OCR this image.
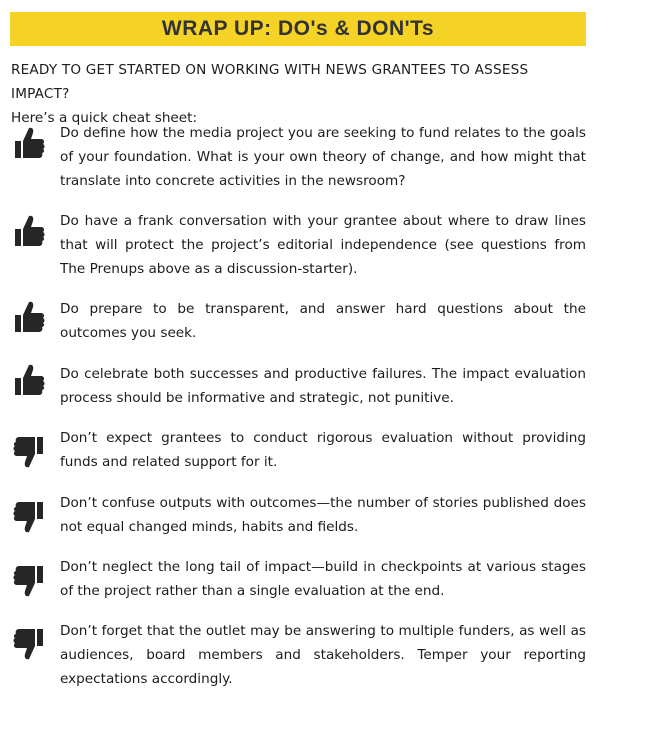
WRAP UP: DO's & DON'Ts
READY TO GET STARTED ON WORKING WITH NEWS GRANTEES TO ASSESS IMPACT?
Here’s a quick cheat sheet:
Do define how the media project you are seeking to fund relates to the goals of your foundation. What is your own theory of change, and how might that translate into concrete activities in the newsroom?
Do have a frank conversation with your grantee about where to draw lines that will protect the project’s editorial independence (see questions from The Prenups above as a discussion-starter).
Do prepare to be transparent, and answer hard questions about the outcomes you seek.
Do celebrate both successes and productive failures. The impact evaluation process should be informative and strategic, not punitive.
Don’t expect grantees to conduct rigorous evaluation without providing funds and related support for it.
Don’t confuse outputs with outcomes—the number of stories published does not equal changed minds, habits and fields.
Don’t neglect the long tail of impact—build in checkpoints at various stages of the project rather than a single evaluation at the end.
Don’t forget that the outlet may be answering to multiple funders, as well as audiences, board members and stakeholders. Temper your reporting expectations accordingly.
